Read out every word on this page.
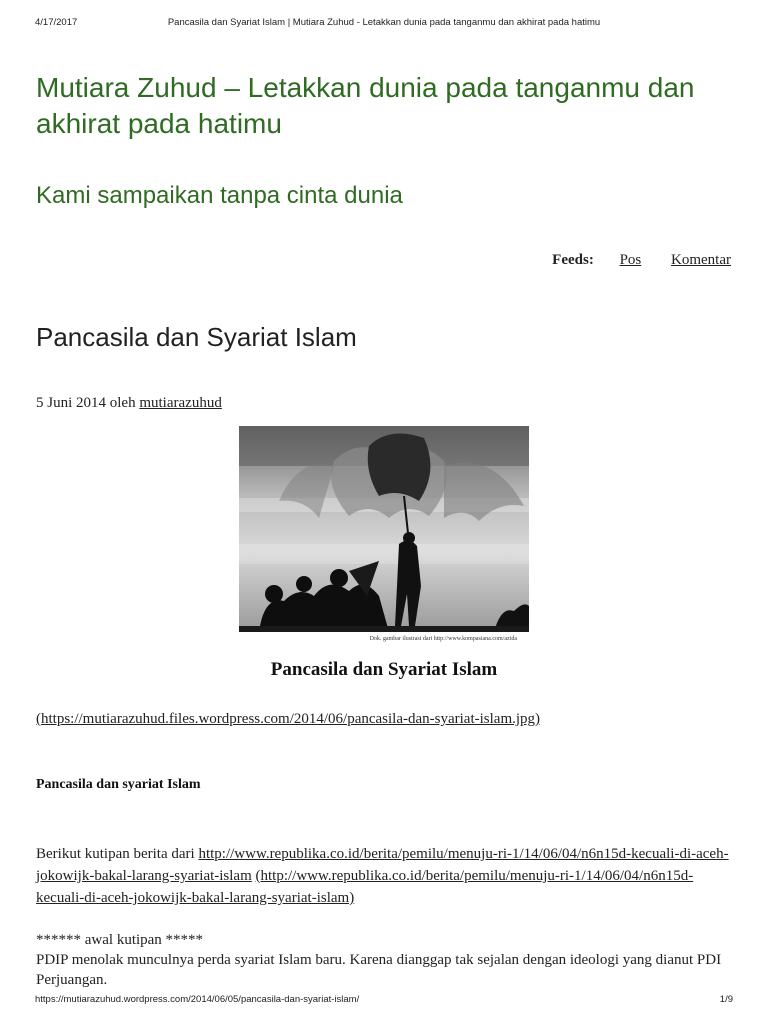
4/17/2017	Pancasila dan Syariat Islam | Mutiara Zuhud - Letakkan dunia pada tanganmu dan akhirat pada hatimu
Mutiara Zuhud – Letakkan dunia pada tanganmu dan akhirat pada hatimu
Kami sampaikan tanpa cinta dunia
Feeds: Pos Komentar
Pancasila dan Syariat Islam
5 Juni 2014 oleh mutiarazuhud
Dok. gambar ilustrasi dari http://www.kompasiana.com/azida
Pancasila dan Syariat Islam
(https://mutiarazuhud.files.wordpress.com/2014/06/pancasila-dan-syariat-islam.jpg)
Pancasila dan syariat Islam
Berikut kutipan berita dari http://www.republika.co.id/berita/pemilu/menuju-ri-1/14/06/04/n6n15d-kecuali-di-aceh-jokowijk-bakal-larang-syariat-islam (http://www.republika.co.id/berita/pemilu/menuju-ri-1/14/06/04/n6n15d-kecuali-di-aceh-jokowijk-bakal-larang-syariat-islam)

****** awal kutipan *****

PDIP menolak munculnya perda syariat Islam baru. Karena dianggap tak sejalan dengan ideologi yang dianut PDI Perjuangan.

https://mutiarazuhud.wordpress.com/2014/06/05/pancasila-dan-syariat-islam/	1/9
